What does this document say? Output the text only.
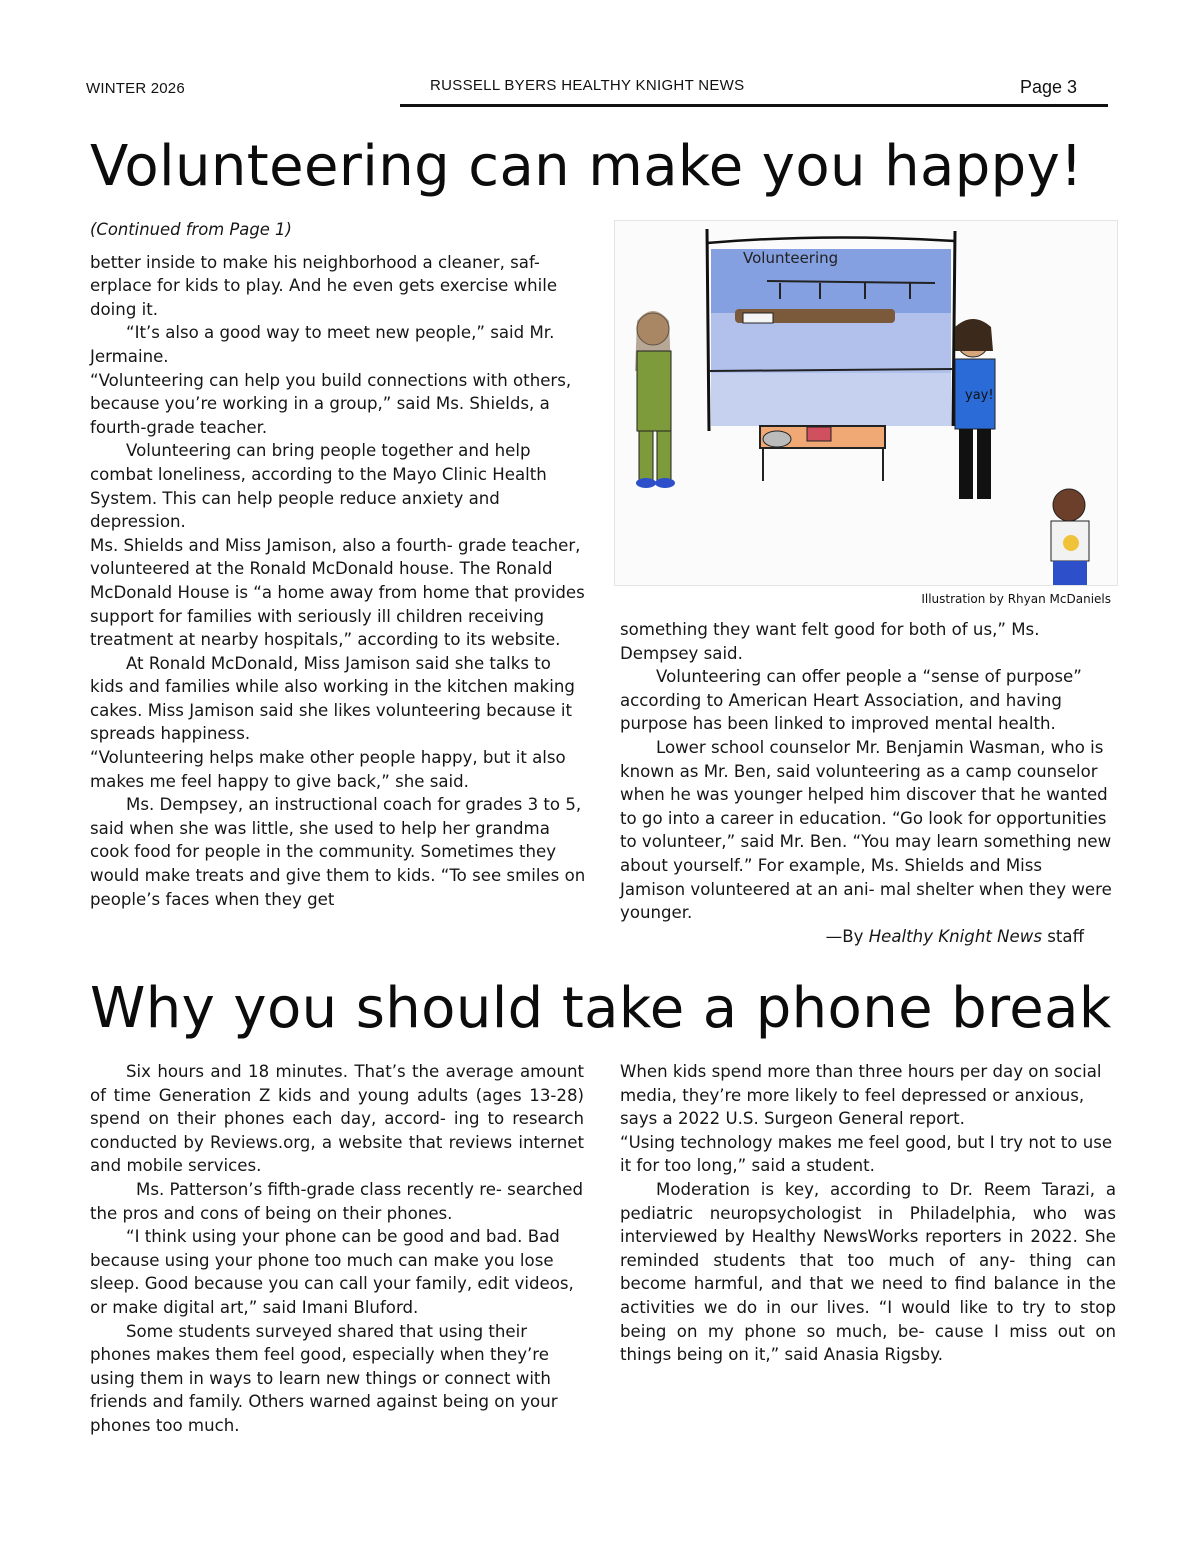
WINTER 2026	RUSSELL BYERS HEALTHY KNIGHT NEWS	Page 3
Volunteering can make you happy!

(Continued from Page 1)

better inside to make his neighborhood a cleaner, saf- erplace for kids to play. And he even gets exercise while doing it.

“It’s also a good way to meet new people,” said Mr. Jermaine.

“Volunteering can help you build connections with others, because you’re working in a group,” said Ms. Shields, a fourth-grade teacher.

Volunteering can bring people together and help combat loneliness, according to the Mayo Clinic Health System. This can help people reduce anxiety and depression.

Ms. Shields and Miss Jamison, also a fourth- grade teacher, volunteered at the Ronald McDonald house. The Ronald McDonald House is “a home away from home that provides support for families with seriously ill children receiving treatment at nearby hospitals,” according to its website.

At Ronald McDonald, Miss Jamison said she talks to kids and families while also working in the kitchen making cakes. Miss Jamison said she likes volunteering because it spreads happiness.

“Volunteering helps make other people happy, but it also makes me feel happy to give back,” she said.

Ms. Dempsey, an instructional coach for grades 3 to 5, said when she was little, she used to help her grandma cook food for people in the community. Sometimes they would make treats and give them to kids. “To see smiles on people’s faces when they get

Volunteering
yay!
Illustration by Rhyan McDaniels

something they want felt good for both of us,” Ms. Dempsey said.

Volunteering can offer people a “sense of purpose” according to American Heart Association, and having purpose has been linked to improved mental health.

Lower school counselor Mr. Benjamin Wasman, who is known as Mr. Ben, said volunteering as a camp counselor when he was younger helped him discover that he wanted to go into a career in education. “Go look for opportunities to volunteer,” said Mr. Ben. “You may learn something new about yourself.” For example, Ms. Shields and Miss Jamison volunteered at an ani- mal shelter when they were younger.

—By Healthy Knight News staff

Why you should take a phone break

Six hours and 18 minutes. That’s the average amount of time Generation Z kids and young adults (ages 13-28) spend on their phones each day, accord- ing to research conducted by Reviews.org, a website that reviews internet and mobile services.

Ms. Patterson’s fifth-grade class recently re- searched the pros and cons of being on their phones.

“I think using your phone can be good and bad. Bad because using your phone too much can make you lose sleep. Good because you can call your family, edit videos, or make digital art,” said Imani Bluford.

Some students surveyed shared that using their phones makes them feel good, especially when they’re using them in ways to learn new things or connect with friends and family. Others warned against being on your phones too much.

When kids spend more than three hours per day on social media, they’re more likely to feel depressed or anxious, says a 2022 U.S. Surgeon General report.

“Using technology makes me feel good, but I try not to use it for too long,” said a student.

Moderation is key, according to Dr. Reem Tarazi, a pediatric neuropsychologist in Philadelphia, who was interviewed by Healthy NewsWorks reporters in 2022. She reminded students that too much of any- thing can become harmful, and that we need to find balance in the activities we do in our lives. “I would like to try to stop being on my phone so much, be- cause I miss out on things being on it,” said Anasia Rigsby.
